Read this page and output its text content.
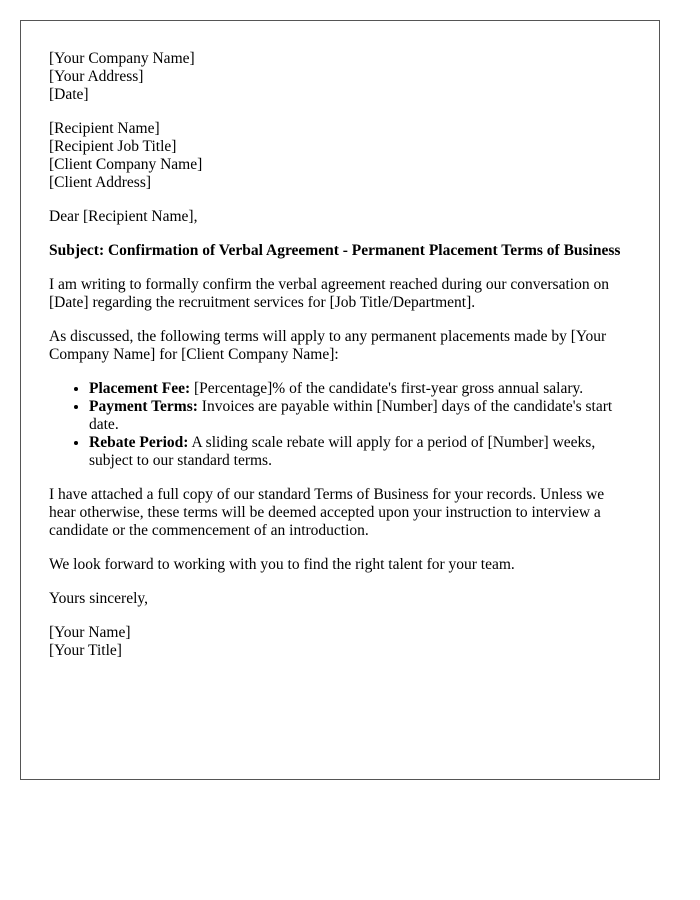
[Your Company Name]
[Your Address]
[Date]
[Recipient Name]
[Recipient Job Title]
[Client Company Name]
[Client Address]

Dear [Recipient Name],

Subject: Confirmation of Verbal Agreement - Permanent Placement Terms of Business

I am writing to formally confirm the verbal agreement reached during our conversation on [Date] regarding the recruitment services for [Job Title/Department].

As discussed, the following terms will apply to any permanent placements made by [Your Company Name] for [Client Company Name]:

• Placement Fee: [Percentage]% of the candidate's first-year gross annual salary.
• Payment Terms: Invoices are payable within [Number] days of the candidate's start date.
• Rebate Period: A sliding scale rebate will apply for a period of [Number] weeks, subject to our standard terms.

I have attached a full copy of our standard Terms of Business for your records. Unless we hear otherwise, these terms will be deemed accepted upon your instruction to interview a candidate or the commencement of an introduction.

We look forward to working with you to find the right talent for your team.

Yours sincerely,

[Your Name]
[Your Title]
